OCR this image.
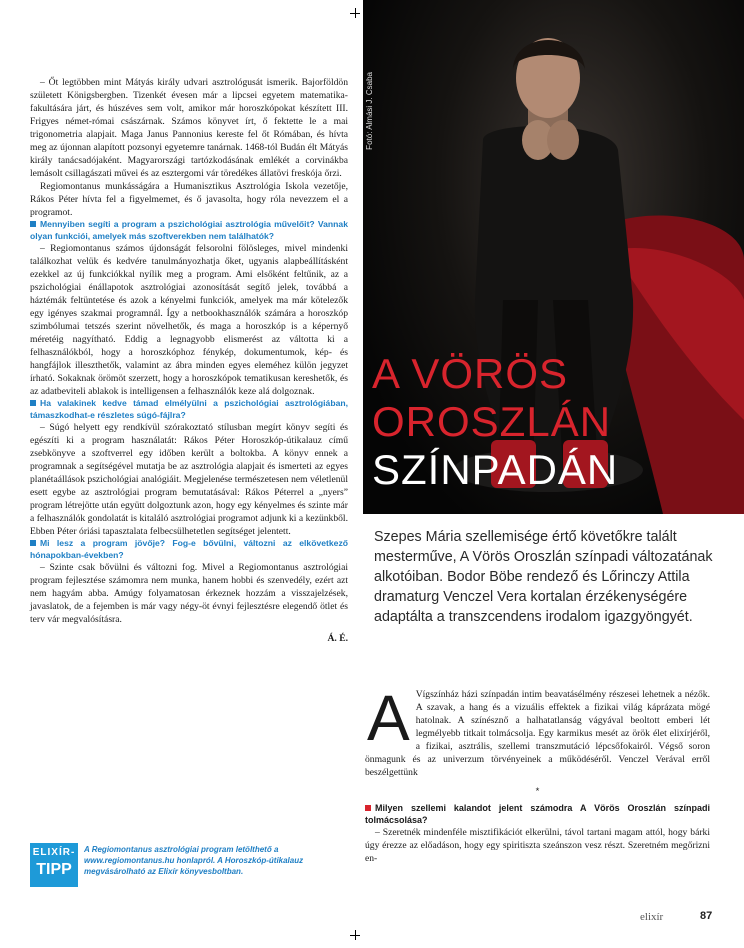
– Őt legtöbben mint Mátyás király udvari asztrológusát ismerik. Bajorföldön született Königsbergben. Tizenkét évesen már a lipcsei egyetem matematika-fakultására járt, és húszéves sem volt, amikor már horoszkópokat készített III. Frigyes német-római császárnak. Számos könyvet írt, ő fektette le a mai trigonometria alapjait. Maga Janus Pannonius kereste fel őt Rómában, és hívta meg az újonnan alapított pozsonyi egyetemre tanárnak. 1468-tól Budán élt Mátyás király tanácsadójaként. Magyarországi tartózkodásának emlékét a corvinákba lemásolt csillagászati művei és az esztergomi vár töredékes állatövi freskója őrzi.

Regiomontanus munkásságára a Humanisztikus Asztrológia Iskola vezetője, Rákos Péter hívta fel a figyelmemet, és ő javasolta, hogy róla nevezzem el a programot.

Mennyiben segíti a program a pszichológiai asztrológia művelőit? Vannak olyan funkciói, amelyek más szoftverekben nem találhatók?

– Regiomontanus számos újdonságát felsorolni fölösleges, mivel mindenki találkozhat velük és kedvére tanulmányozhatja őket, ugyanis alapbeállításként ezekkel az új funkciókkal nyílik meg a program. Ami elsőként feltűnik, az a pszichológiai énállapotok asztrológiai azonosítását segítő jelek, továbbá a háztémák feltüntetése és azok a kényelmi funkciók, amelyek ma már kötelezők egy igényes szakmai programnál. Így a netbookhasználók számára a horoszkóp szimbólumai tetszés szerint növelhetők, és maga a horoszkóp is a képernyő méretéig nagyítható. Eddig a legnagyobb elismerést az váltotta ki a felhasználókból, hogy a horoszkóphoz fénykép, dokumentumok, kép- és hangfájlok illeszthetők, valamint az ábra minden egyes eleméhez külön jegyzet írható. Sokaknak örömöt szerzett, hogy a horoszkópok tematikusan kereshetők, és az adatbeviteli ablakok is intelligensen a felhasználók keze alá dolgoznak.

Ha valakinek kedve támad elmélyülni a pszichológiai asztrológiában, támaszkodhat-e részletes súgó-fájlra?

– Súgó helyett egy rendkívül szórakoztató stílusban megírt könyv segíti és egészíti ki a program használatát: Rákos Péter Horoszkóp-útikalauz című zsebkönyve a szoftverrel egy időben került a boltokba. A könyv ennek a programnak a segítségével mutatja be az asztrológia alapjait és ismerteti az egyes planétaállások pszichológiai analógiáit. Megjelenése természetesen nem véletlenül esett egybe az asztrológiai program bemutatásával: Rákos Péterrel a „nyers” program létrejötte után együtt dolgoztunk azon, hogy egy kényelmes és szinte már a felhasználók gondolatát is kitaláló asztrológiai programot adjunk ki a kezünkből. Ebben Péter óriási tapasztalata felbecsülhetetlen segítséget jelentett.

Mi lesz a program jövője? Fog-e bővülni, változni az elkövetkező hónapokban-években?

– Szinte csak bővülni és változni fog. Mivel a Regiomontanus asztrológiai program fejlesztése számomra nem munka, hanem hobbi és szenvedély, ezért azt nem hagyám abba. Amúgy folyamatosan érkeznek hozzám a visszajelzések, javaslatok, de a fejemben is már vagy négy-öt évnyi fejlesztésre elegendő ötlet és terv vár megvalósításra.

Á. É.
ELIXÍR-
TIPP
A Regiomontanus asztrológiai program letölthető a www.regiomontanus.hu honlapról. A Horoszkóp-útikalauz megvásárolható az Elixír könyvesboltban.
A VÖRÖS
OROSZLÁN
SZÍNPADÁN
Fotó: Almási J. Csaba
Szepes Mária szellemisége értő követőkre talált mesterműve, A Vörös Oroszlán színpadi változatának alkotóiban. Bodor Böbe rendező és Lőrinczy Attila dramaturg Venczel Vera kortalan érzékenységére adaptálta a transzcendens irodalom igazgyöngyét.

A Vígszínház házi színpadán intim beavatásélmény részesei lehetnek a nézők. A szavak, a hang és a vizuális effektek a fizikai világ káprázata mögé hatolnak. A színésznő a halhatatlanság vágyával beoltott emberi lét legmélyebb titkait tolmácsolja. Egy karmikus mesét az örök élet elixírjéről, a fizikai, asztrális, szellemi transzmutáció lépcsőfokairól. Végső soron önmagunk és az univerzum törvényeinek a működéséről. Venczel Verával erről beszélgettünk

*

Milyen szellemi kalandot jelent számodra A Vörös Oroszlán színpadi tolmácsolása?

– Szeretnék mindenféle misztifikációt elkerülni, távol tartani magam attól, hogy bárki úgy érezze az előadáson, hogy egy spiritiszta szeánszon vesz részt. Szeretném megőrizni en-

elixír	87
